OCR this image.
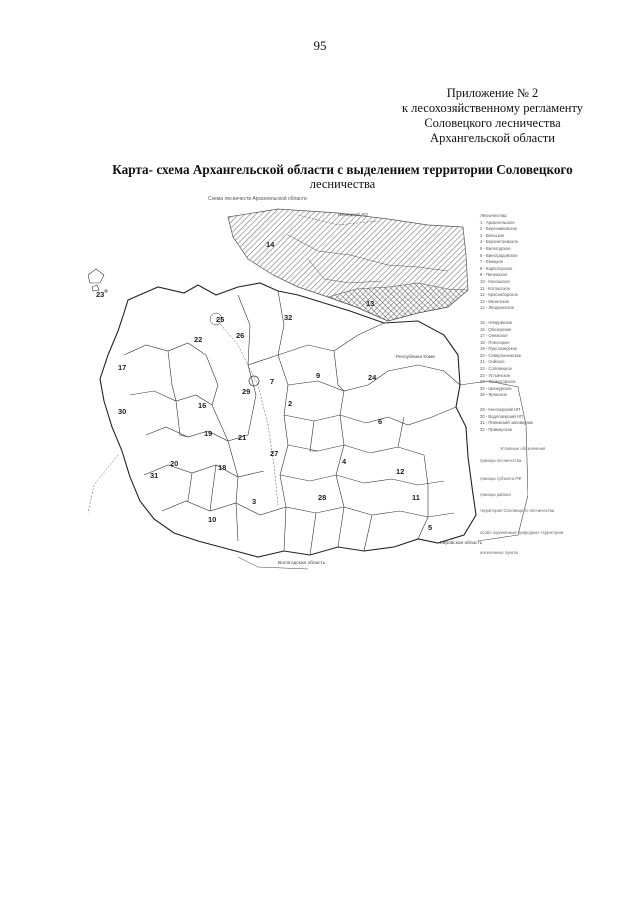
95
Приложение № 2
к лесохозяйственному регламенту
Соловецкого лесничества
Архангельской области
Карта- схема Архангельской области с выделением территории Соловецкого
лесничества
Схема лесничеств Архангельской области
14
23
13
26
32
22
17
7
9	24
29
16
30
2
19	21
6
27
18
4
12
20
31
11
10
3	28
5
25
Ненецкий АО
Республика Коми
Вологодская область
Кировская область
Лесничества:
1 - Архангельское
2 - Березниковское
3 - Вельское
4 - Верхнетоемское
5 - Вилегодское
6 - Виноградовское
7 - Емецкое
8 - Карпогорское
9 - Пинежское
10 - Коношское
11 - Котласское
12 - Красноборское
13 - Мезенское
14 - Лешуконское
15 - Няндомское
16 - Обозерское
17 - Онежское
18 - Плесецкое
19 - Пуксоозерское
20 - Североонежское
21 - Сийское
22 - Соловецкое
23 - Устьянское
24 - Холмогорское
25 - Шенкурское
26 - Яренское
29 - Кенозерский НП
30 - Водлозерский НП
31 - Пинежский заповедник
32 - Приморское
Условные обозначения
граница лесничества
граница субъекта РФ
граница района
территория Соловецкого лесничества
особо охраняемые природные территории
населенные пункты
